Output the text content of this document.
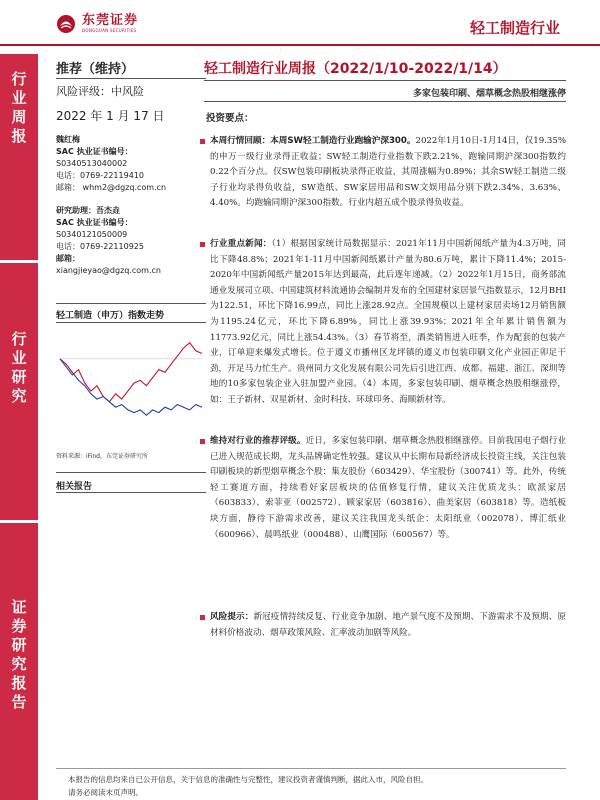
东莞证券
DONGGUAN SECURITIES	轻工制造行业
行
业
周
报
行
业
研
究
证
券
研
究
报
告
推荐（维持）
风险评级：中风险
2022 年 1 月 17 日
魏红梅
SAC 执业证书编号：
S0340513040002
电话：0769-22119410
邮箱： whm2@dgzq.com.cn
研究助理：吾杰垚
SAC 执业证书编号：
S0340121050009
电话：0769-22110925
邮箱：
xiangjieyao@dgzq.com.cn
轻工制造（申万）指数走势
资料来源：iFind，东莞证券研究所
相关报告
轻工制造行业周报（2022/1/10-2022/1/14）
多家包装印刷、烟草概念热股相继涨停
投资要点：
本周行情回顾：本周SW轻工制造行业跑输沪深300。2022年1月10日-1月14日，仅19.35%的申万一级行业录得正收益；SW轻工制造行业指数下跌2.21%，跑输同期沪深300指数约0.22个百分点。仅SW包装印刷板块录得正收益，其周涨幅为0.89%；其余SW轻工制造二级子行业均录得负收益，SW造纸、SW家居用品和SW文娱用品分别下跌2.34%、3.63%、4.40%。均跑输同期沪深300指数。行业内超五成个股录得负收益。
行业重点新闻：（1）根据国家统计局数据显示：2021年11月中国新闻纸产量为4.3万吨，同比下降48.8%；2021年1-11月中国新闻纸累计产量为80.6万吨，累计下降11.4%；2015-2020年中国新闻纸产量2015年达到最高，此后逐年递减。（2）2022年1月15日，商务部流通业发展司立项、中国建筑材料流通协会编制并发布的全国建材家居景气指数显示，12月BHI为122.51，环比下降16.99点，同比上涨28.92点。全国规模以上建材家居卖场12月销售额为1195.24亿元，环比下降6.89%，同比上涨39.93%；2021年全年累计销售额为11773.92亿元，同比上涨54.43%。（3）春节将至，酒类销售进入旺季，作为配套的包装产业，订单迎来爆发式增长。位于遵义市播州区龙坪镇的遵义市包装印刷文化产业园正卯足干劲，开足马力忙生产。贵州同力文化发展有限公司先后引进江西、成都、福建、浙江、深圳等地的10多家包装企业入驻加盟产业园。（4）本周，多家包装印刷、烟草概念热股相继涨停，如：王子新材、双星新材、金时科技、环球印务、海顺新材等。
维持对行业的推荐评级。近日，多家包装印刷、烟草概念热股相继涨停。目前我国电子烟行业已进入规范成长期，龙头品牌确定性较强。建议从中长期布局新经济成长投资主线，关注包装印刷板块的新型烟草概念个股：集友股份（603429）、华宝股份（300741）等。此外，传统轻工赛道方面，持续看好家居板块的估值修复行情，建议关注优质龙头：欧派家居（603833）、索菲亚（002572）、顾家家居（603816）、曲美家居（603818）等。造纸板块方面，静待下游需求改善，建议关注我国龙头纸企：太阳纸业（002078）、博汇纸业（600966）、晨鸣纸业（000488）、山鹰国际（600567）等。
风险提示：新冠疫情持续反复、行业竞争加剧、地产景气度不及预期、下游需求不及预期、原材料价格波动、烟草政策风险、汇率波动加剧等风险。
本报告的信息均来自已公开信息，关于信息的准确性与完整性，建议投资者谨慎判断，据此入市，风险自担。
请务必阅读末页声明。
